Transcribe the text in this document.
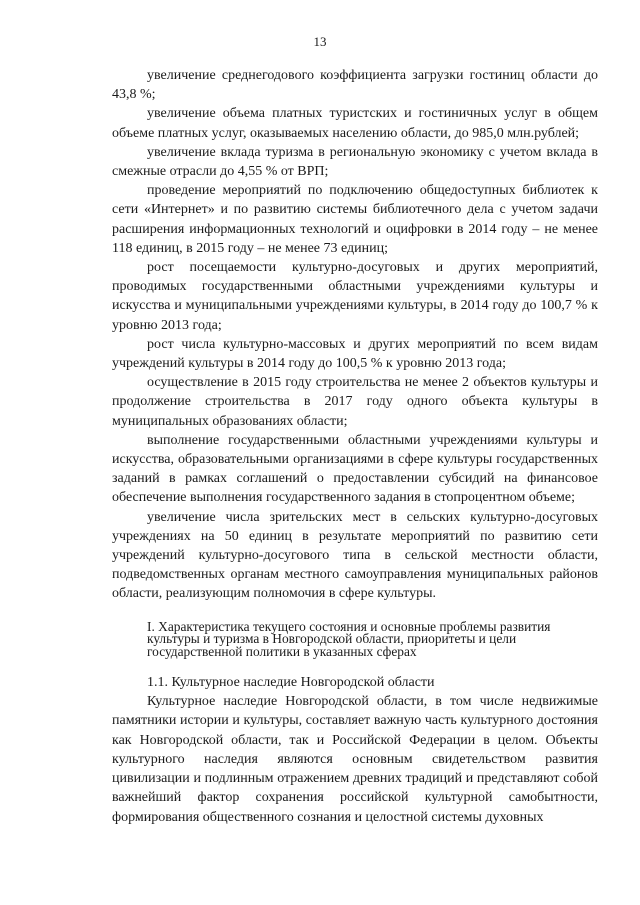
13

увеличение среднегодового коэффициента загрузки гостиниц области до 43,8 %;

увеличение объема платных туристских и гостиничных услуг в общем объеме платных услуг, оказываемых населению области, до 985,0 млн.рублей;

увеличение вклада туризма в региональную экономику с учетом вклада в смежные отрасли до 4,55 % от ВРП;

проведение мероприятий по подключению общедоступных библиотек к сети «Интернет» и по развитию системы библиотечного дела с учетом задачи расширения информационных технологий и оцифровки в 2014 году – не менее 118 единиц, в 2015 году – не менее 73 единиц;

рост посещаемости культурно-досуговых и других мероприятий, проводимых государственными областными учреждениями культуры и искусства и муниципальными учреждениями культуры, в 2014 году до 100,7 % к уровню 2013 года;

рост числа культурно-массовых и других мероприятий по всем видам учреждений культуры в 2014 году до 100,5 % к уровню 2013 года;

осуществление в 2015 году строительства не менее 2 объектов культуры и продолжение строительства в 2017 году одного объекта культуры в муниципальных образованиях области;

выполнение государственными областными учреждениями культуры и искусства, образовательными организациями в сфере культуры государственных заданий в рамках соглашений о предоставлении субсидий на финансовое обеспечение выполнения государственного задания в стопроцентном объеме;

увеличение числа зрительских мест в сельских культурно-досуговых учреждениях на 50 единиц в результате мероприятий по развитию сети учреждений культурно-досугового типа в сельской местности области, подведомственных органам местного самоуправления муниципальных районов области, реализующим полномочия в сфере культуры.

I. Характеристика текущего состояния и основные проблемы развития культуры и туризма в Новгородской области, приоритеты и цели государственной политики в указанных сферах

1.1. Культурное наследие Новгородской области

Культурное наследие Новгородской области, в том числе недвижимые памятники истории и культуры, составляет важную часть культурного достояния как Новгородской области, так и Российской Федерации в целом. Объекты культурного наследия являются основным свидетельством развития цивилизации и подлинным отражением древних традиций и представляют собой важнейший фактор сохранения российской культурной самобытности, формирования общественного сознания и целостной системы духовных
